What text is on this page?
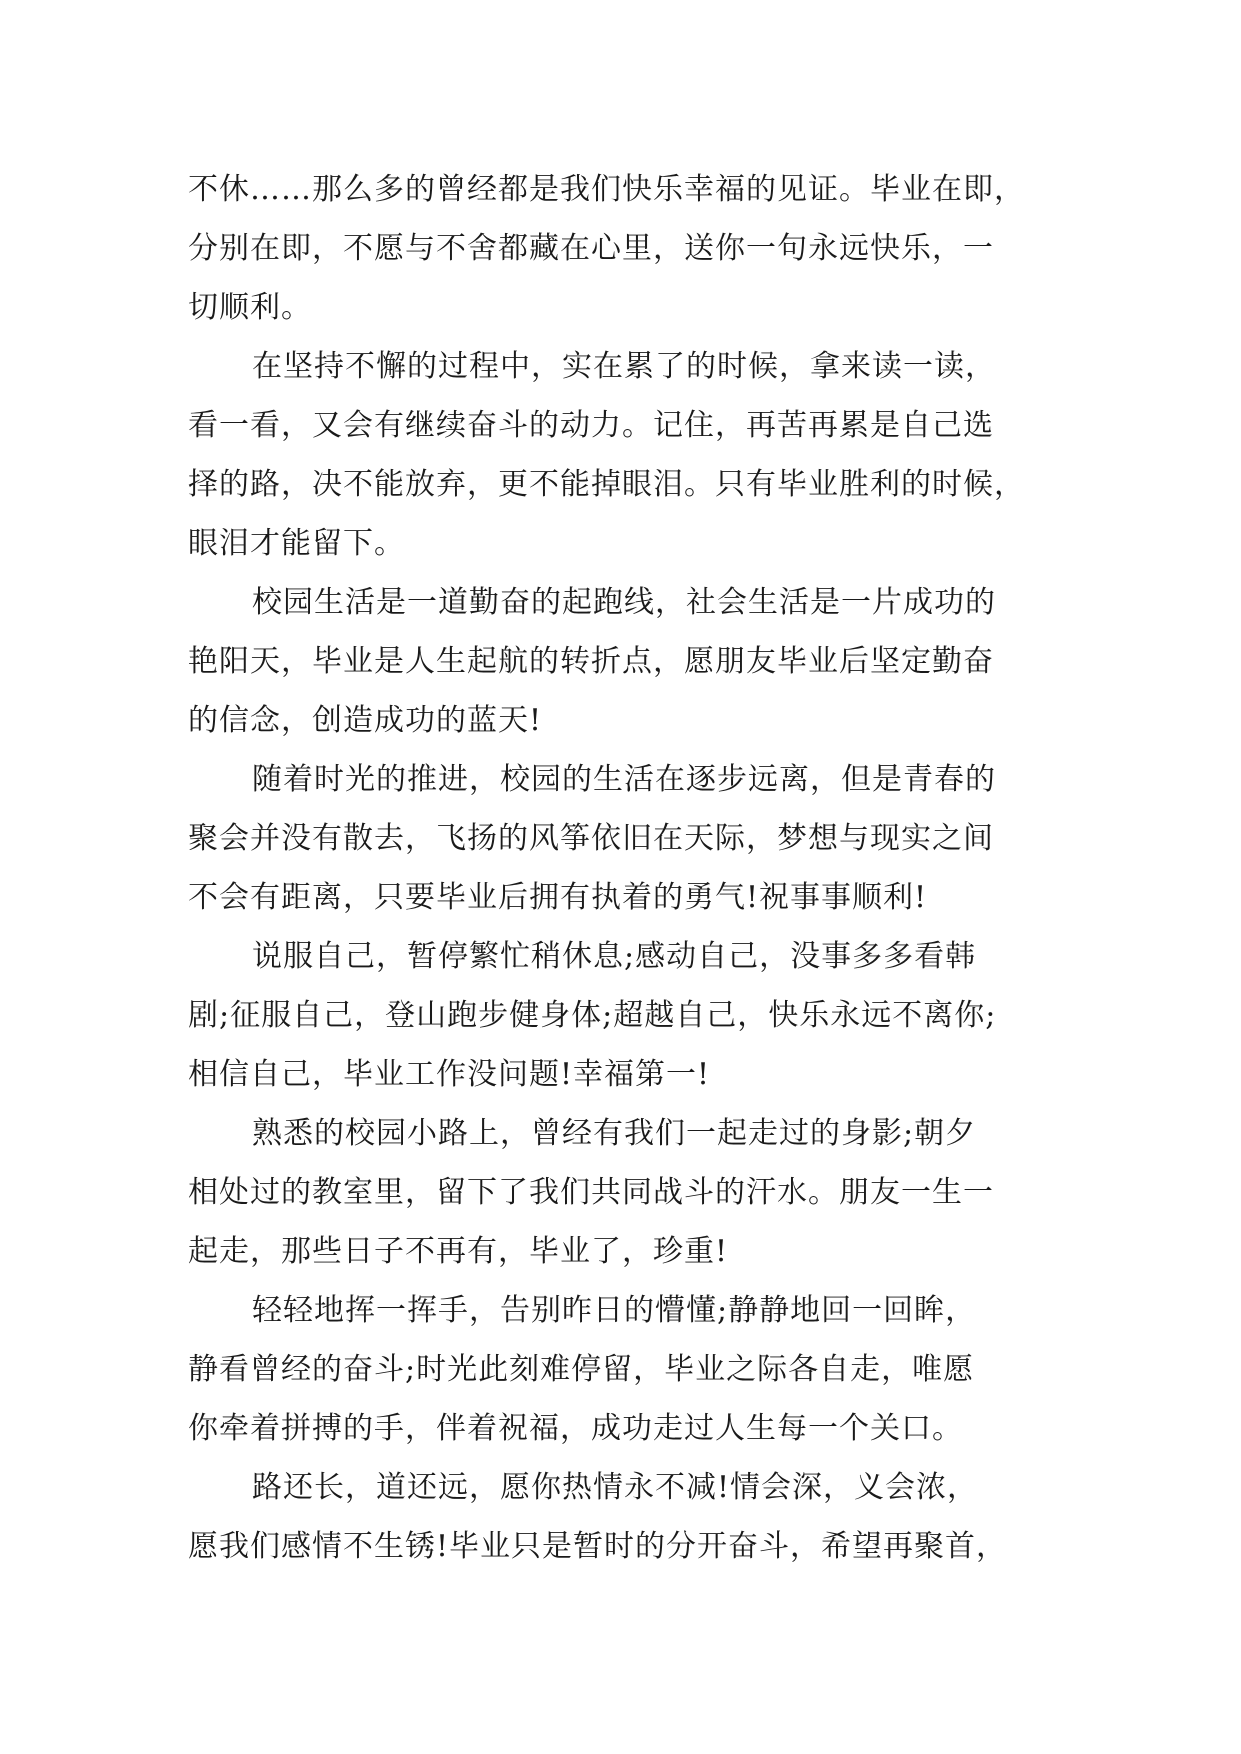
不休……那么多的曾经都是我们快乐幸福的见证。毕业在即，
分别在即，不愿与不舍都藏在心里，送你一句永远快乐，一
切顺利。
在坚持不懈的过程中，实在累了的时候，拿来读一读，
看一看，又会有继续奋斗的动力。记住，再苦再累是自己选
择的路，决不能放弃，更不能掉眼泪。只有毕业胜利的时候，
眼泪才能留下。
校园生活是一道勤奋的起跑线，社会生活是一片成功的
艳阳天，毕业是人生起航的转折点，愿朋友毕业后坚定勤奋
的信念，创造成功的蓝天!
随着时光的推进，校园的生活在逐步远离，但是青春的
聚会并没有散去，飞扬的风筝依旧在天际，梦想与现实之间
不会有距离，只要毕业后拥有执着的勇气!祝事事顺利!
说服自己，暂停繁忙稍休息;感动自己，没事多多看韩
剧;征服自己，登山跑步健身体;超越自己，快乐永远不离你;
相信自己，毕业工作没问题!幸福第一!
熟悉的校园小路上，曾经有我们一起走过的身影;朝夕
相处过的教室里，留下了我们共同战斗的汗水。朋友一生一
起走，那些日子不再有，毕业了，珍重!
轻轻地挥一挥手，告别昨日的懵懂;静静地回一回眸，
静看曾经的奋斗;时光此刻难停留，毕业之际各自走，唯愿
你牵着拼搏的手，伴着祝福，成功走过人生每一个关口。
路还长，道还远，愿你热情永不减!情会深，义会浓，
愿我们感情不生锈!毕业只是暂时的分开奋斗，希望再聚首，
